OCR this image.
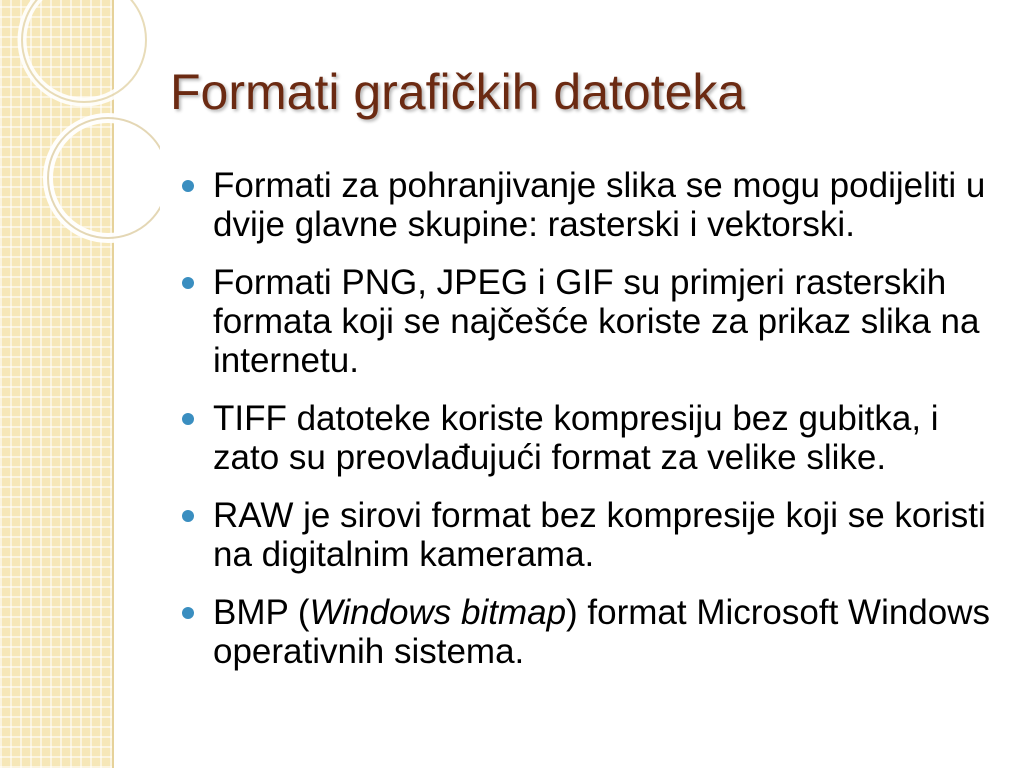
Formati grafičkih datoteka
Formati za pohranjivanje slika se mogu podijeliti u dvije glavne skupine: rasterski i vektorski.
Formati PNG, JPEG i GIF su primjeri rasterskih formata koji se najčešće koriste za prikaz slika na internetu.
TIFF datoteke koriste kompresiju bez gubitka, i zato su preovlađujući format za velike slike.
RAW je sirovi format bez kompresije koji se koristi na digitalnim kamerama.
BMP (Windows bitmap) format Microsoft Windows operativnih sistema.
